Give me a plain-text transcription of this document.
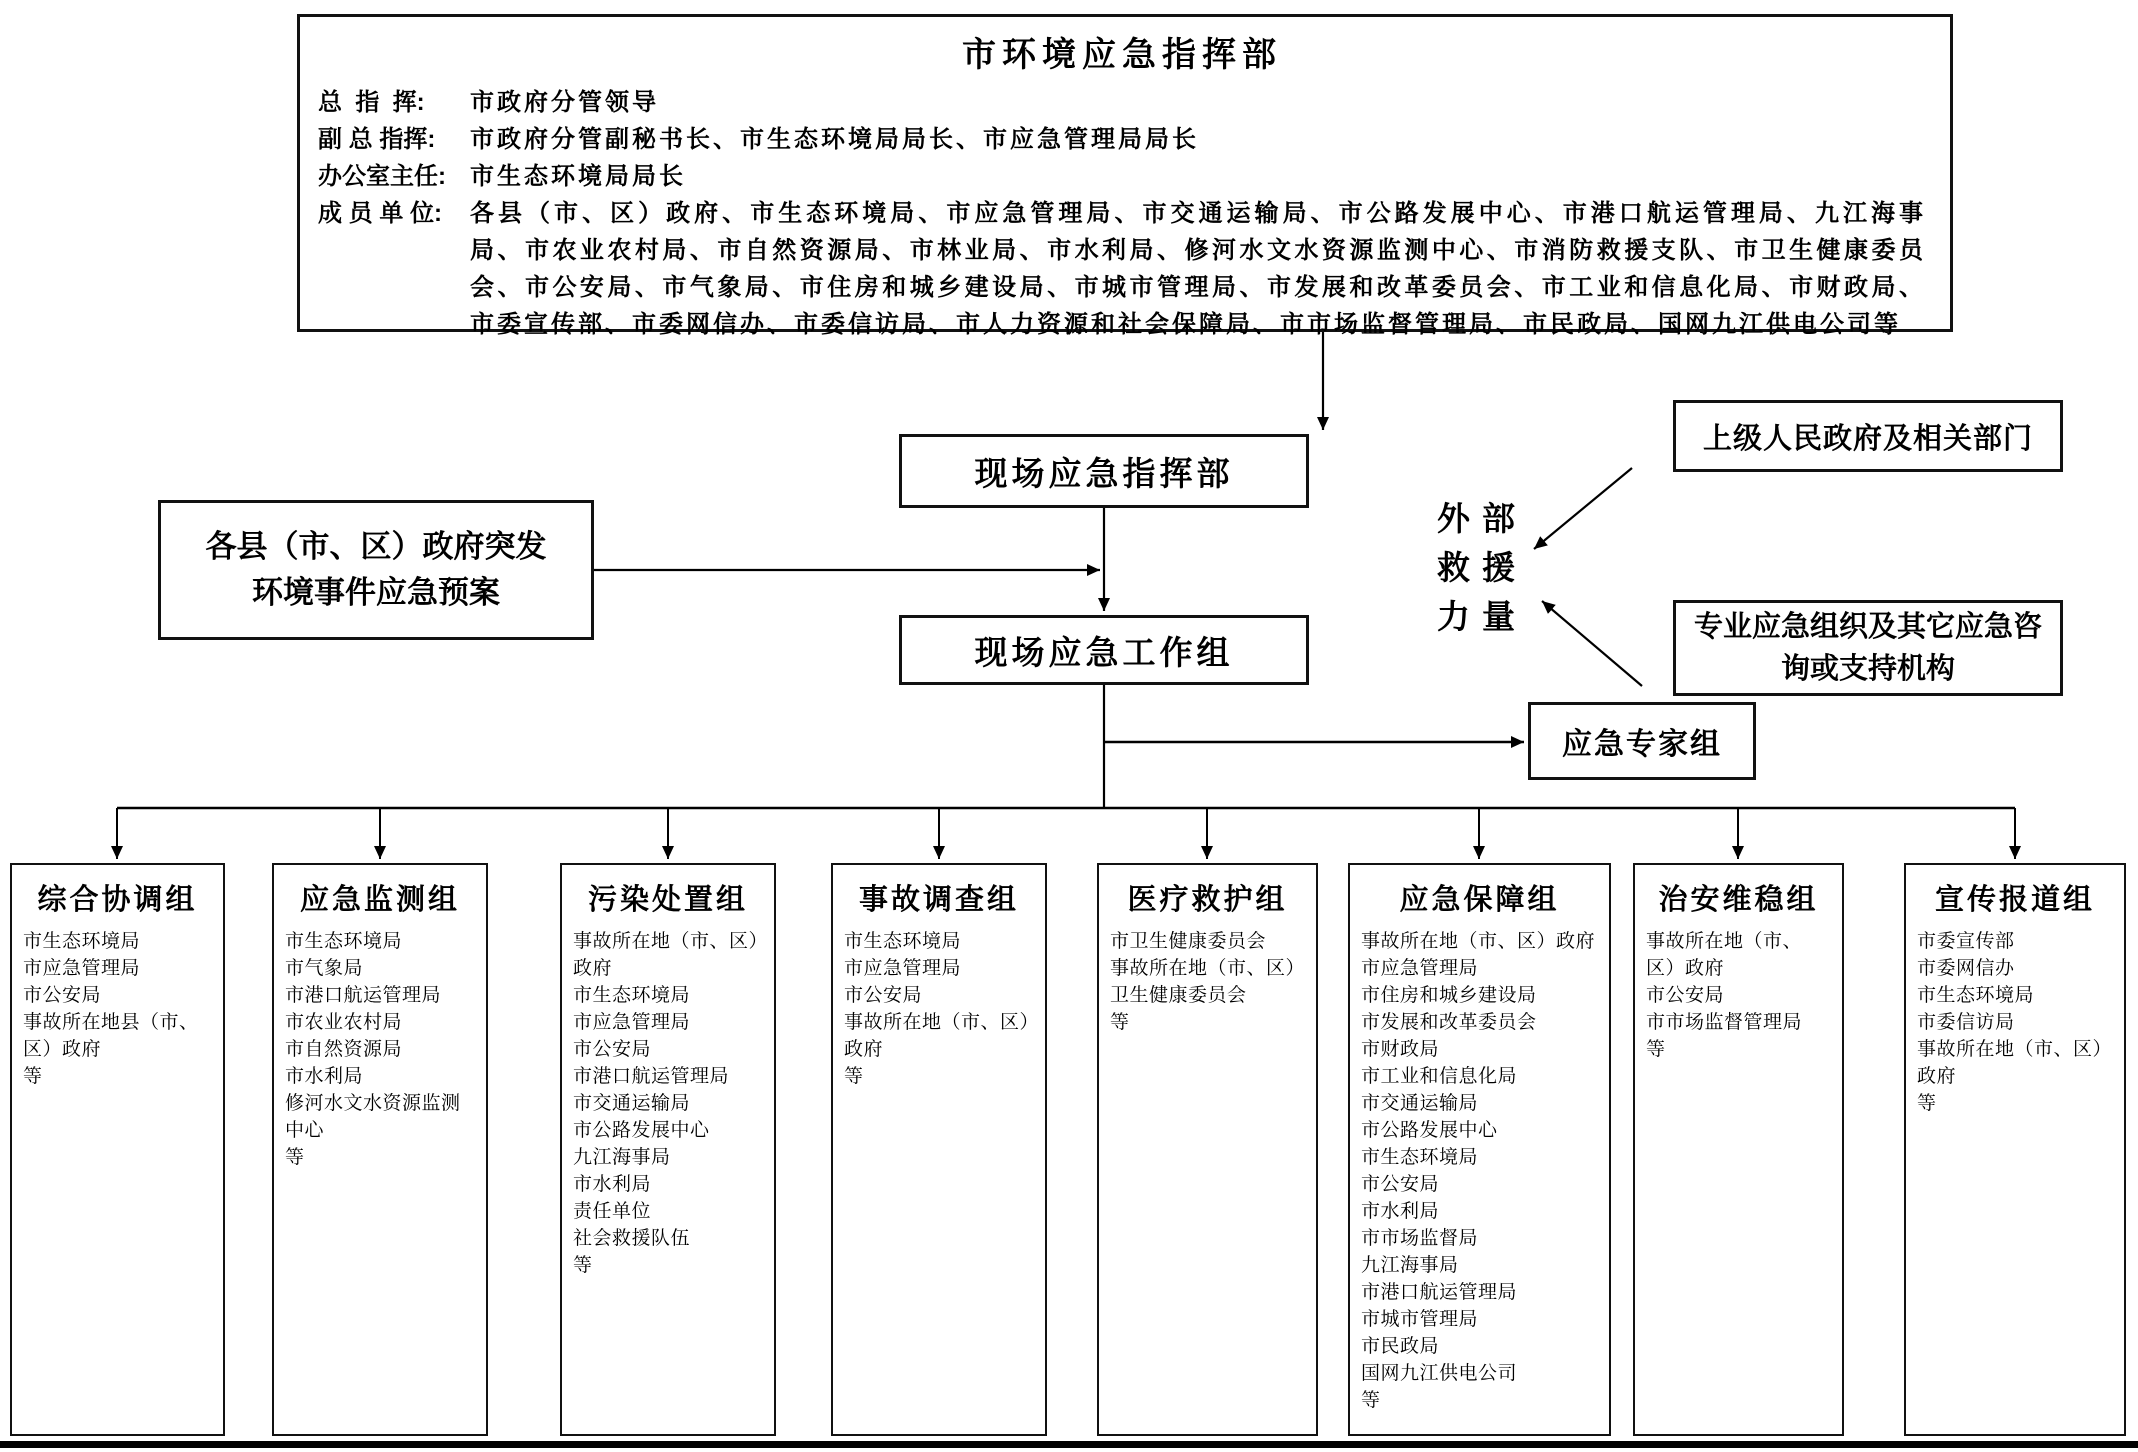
市环境应急指挥部
总  指  挥:	市政府分管领导
副 总 指挥:	市政府分管副秘书长、市生态环境局局长、市应急管理局局长
办公室主任:	市生态环境局局长
成 员 单 位:	各县（市、区）政府、市生态环境局、市应急管理局、市交通运输局、市公路发展中心、市港口航运管理局、九江海事局、市农业农村局、市自然资源局、市林业局、市水利局、修河水文水资源监测中心、市消防救援支队、市卫生健康委员会、市公安局、市气象局、市住房和城乡建设局、市城市管理局、市发展和改革委员会、市工业和信息化局、市财政局、市委宣传部、市委网信办、市委信访局、市人力资源和社会保障局、市市场监督管理局、市民政局、国网九江供电公司等
现场应急指挥部
各县（市、区）政府突发环境事件应急预案
现场应急工作组
外部
救援
力量
上级人民政府及相关部门
专业应急组织及其它应急咨询或支持机构
应急专家组
综合协调组
市生态环境局
市应急管理局
市公安局
事故所在地县（市、区）政府
等
应急监测组
市生态环境局
市气象局
市港口航运管理局
市农业农村局
市自然资源局
市水利局
修河水文水资源监测中心
等
污染处置组
事故所在地（市、区）政府
市生态环境局
市应急管理局
市公安局
市港口航运管理局
市交通运输局
市公路发展中心
九江海事局
市水利局
责任单位
社会救援队伍
等
事故调查组
市生态环境局
市应急管理局
市公安局
事故所在地（市、区）政府
等
医疗救护组
市卫生健康委员会
事故所在地（市、区）卫生健康委员会
等
应急保障组
事故所在地（市、区）政府
市应急管理局
市住房和城乡建设局
市发展和改革委员会
市财政局
市工业和信息化局
市交通运输局
市公路发展中心
市生态环境局
市公安局
市水利局
市市场监督局
九江海事局
市港口航运管理局
市城市管理局
市民政局
国网九江供电公司
等
治安维稳组
事故所在地（市、区）政府
市公安局
市市场监督管理局
等
宣传报道组
市委宣传部
市委网信办
市生态环境局
市委信访局
事故所在地（市、区）政府
等
